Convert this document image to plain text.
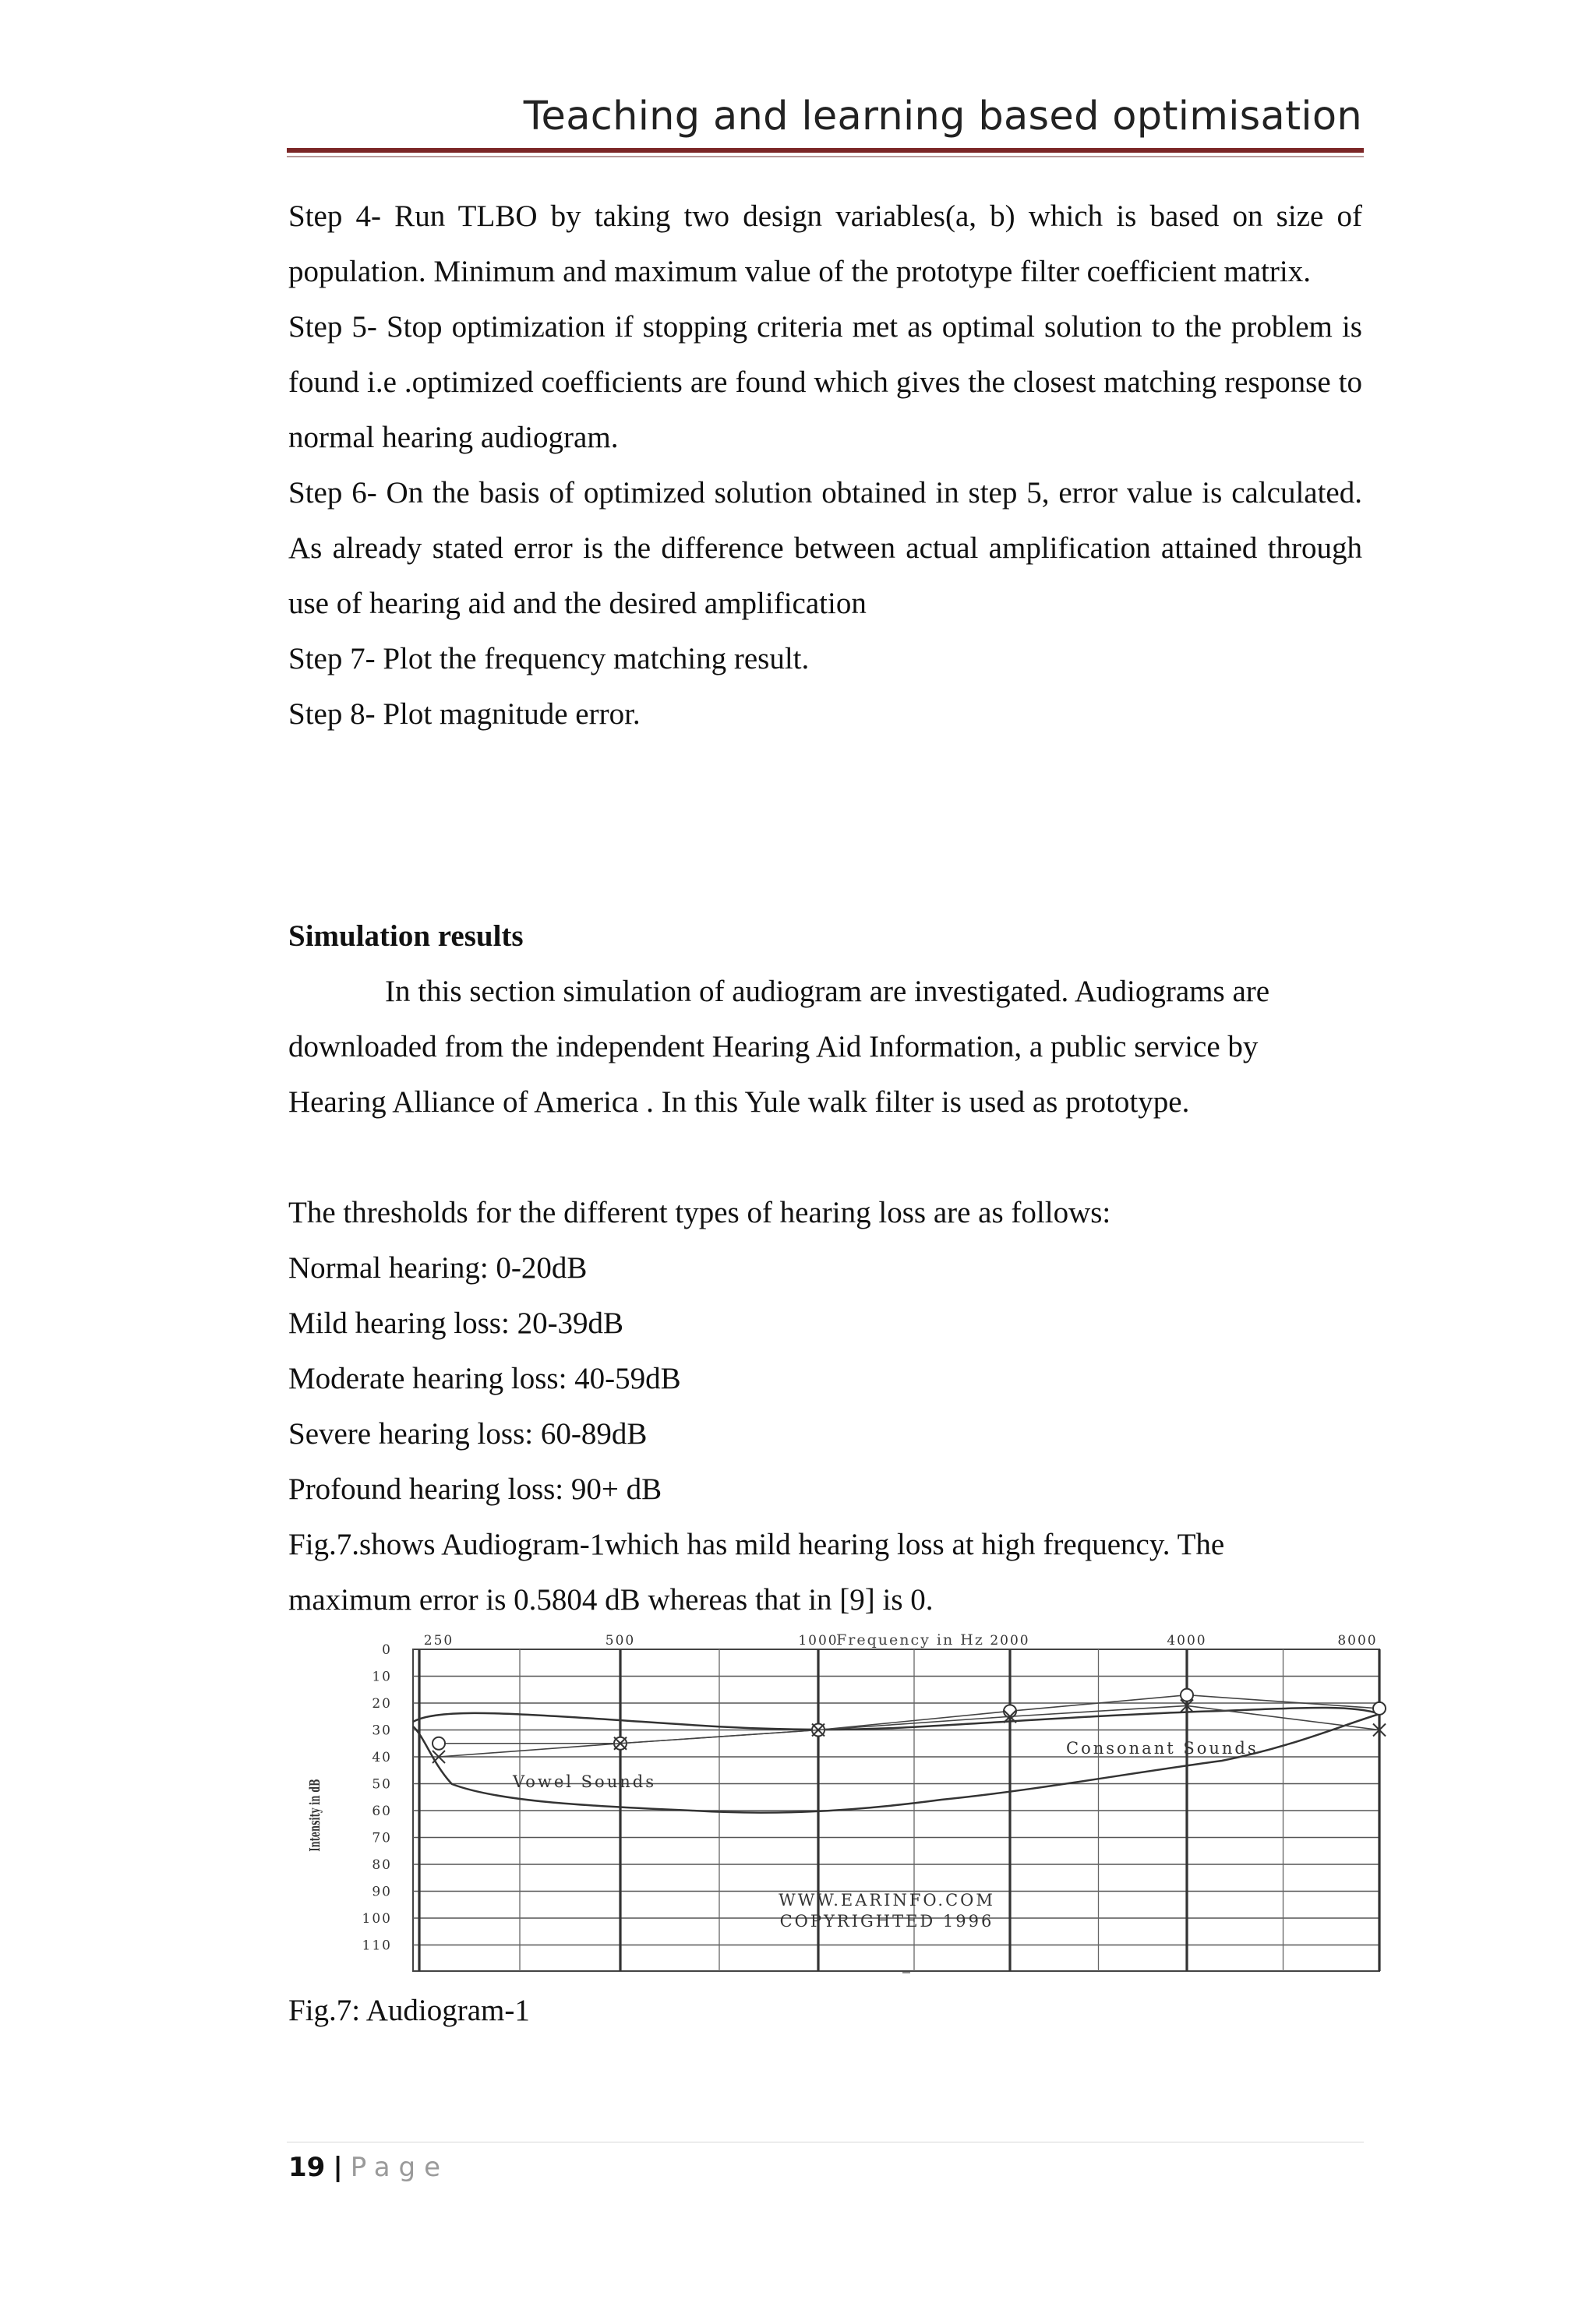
Teaching and learning based optimisation

Step 4- Run TLBO by taking two design variables(a, b) which is based on size of population. Minimum and maximum value of the prototype filter coefficient matrix.

Step 5- Stop optimization if stopping criteria met as optimal solution to the problem is found i.e .optimized coefficients are found which gives the closest matching response to normal hearing audiogram.

Step 6- On the basis of optimized solution obtained in step 5, error value is calculated. As already stated error is the difference between actual amplification attained through use of hearing aid and the desired amplification

Step 7- Plot the frequency matching result.

Step 8- Plot magnitude error.

Simulation results

In this section simulation of audiogram are investigated. Audiograms are

downloaded from the independent Hearing Aid Information, a public service by

Hearing Alliance of America . In this Yule walk filter is used as prototype.

The thresholds for the different types of hearing loss are as follows:

Normal hearing: 0-20dB

Mild hearing loss: 20-39dB

Moderate hearing loss: 40-59dB

Severe hearing loss: 60-89dB

Profound hearing loss: 90+ dB

Fig.7.shows Audiogram-1which has mild hearing loss at high frequency. The

maximum error is 0.5804 dB whereas that in [9] is 0.

Frequency in Hz
250	500	1000	2000	4000	8000
0
10
20
30
40
50
60
70
80
90
100
110
Intensity in dB	Vowel Sounds
Consonant Sounds
WWW.EARINFO.COM
COPYRIGHTED 1996
Fig.7: Audiogram-1
19 | Page
